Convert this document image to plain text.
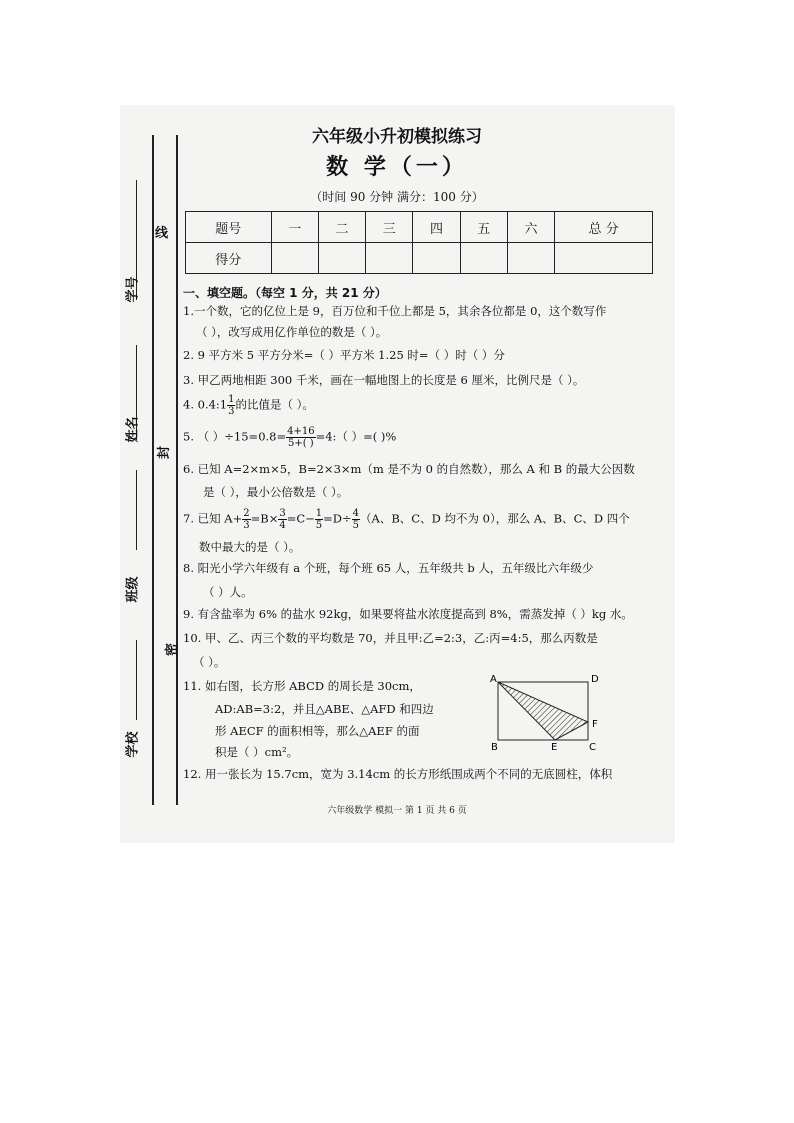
学号
姓名
班级
学校
线
封
密
六年级小升初模拟练习
数 学（一）
（时间 90 分钟 满分：100 分）
题号	一	二	三	四	五	六	总 分
得分							
一、填空题。（每空 1 分，共 21 分）
1.一个数，它的亿位上是 9，百万位和千位上都是 5，其余各位都是 0，这个数写作
（ ），改写成用亿作单位的数是（ ）。
2. 9 平方米 5 平方分米=（ ）平方米 1.25 时=（ ）时（ ）分
3. 甲乙两地相距 300 千米，画在一幅地图上的长度是 6 厘米，比例尺是（ ）。
4. 0.4:1 $\frac{1}{3}$ 的比值是（ ）。
5. （ ）$\div 15=0.8= \frac{4+16}{5+( )}$ =4:（ ）=( )%
6. 已知 A=2×m×5，B=2×3×m（m 是不为 0 的自然数），那么 A 和 B 的最大公因数
是（ ），最小公倍数是（ ）。
7. 已知 $A+ \frac{2}{3} =B\times \frac{3}{4} =C- \frac{1}{5} =D\div \frac{4}{5} (A$、B、C、D 均不为 0），那么 A、B、C、D 四个
数中最大的是（ ）。
8. 阳光小学六年级有 a 个班，每个班 65 人，五年级共 b 人，五年级比六年级少
（ ）人。
9. 有含盐率为 6% 的盐水 92kg，如果要将盐水浓度提高到 8%，需蒸发掉（ ）kg 水。
10. 甲、乙、丙三个数的平均数是 70，并且甲:乙=2:3，乙:丙=4:5，那么丙数是
（ ）。
11. 如右图，长方形 ABCD 的周长是 30cm，
AD:AB=3:2，并且△ABE、△AFD 和四边
形 AECF 的面积相等，那么△AEF 的面
积是（ ）cm²。
A	D
F
B	E	C
12. 用一张长为 15.7cm，宽为 3.14cm 的长方形纸围成两个不同的无底圆柱，体积
六年级数学 模拟一 第 1 页 共 6 页
